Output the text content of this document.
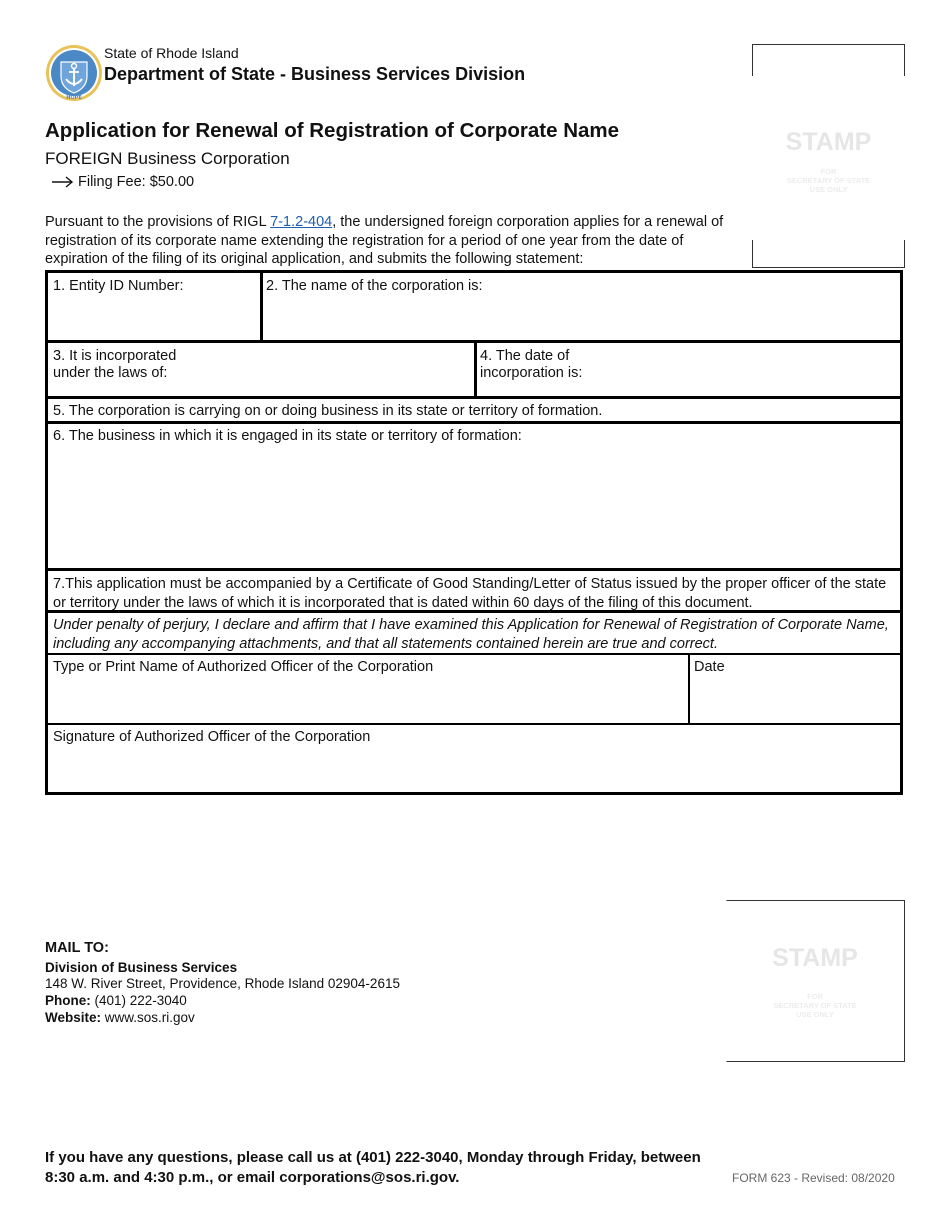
HOPE
State of Rhode Island
Department of State - Business Services Division
Application for Renewal of Registration of Corporate Name
FOREIGN Business Corporation
Filing Fee: $50.00
Pursuant to the provisions of RIGL 7-1.2-404, the undersigned foreign corporation applies for a renewal of registration of its corporate name extending the registration for a period of one year from the date of expiration of the filing of its original application, and submits the following statement:
STAMP
FOR
SECRETARY OF STATE
USE ONLY
1. Entity ID Number:	2. The name of the corporation is:
3. It is incorporated
under the laws of:
4. The date of
incorporation is:
5. The corporation is carrying on or doing business in its state or territory of formation.
6. The business in which it is engaged in its state or territory of formation:
7.This application must be accompanied by a Certificate of Good Standing/Letter of Status issued by the proper officer of the state or territory under the laws of which it is incorporated that is dated within 60 days of the filing of this document.
Under penalty of perjury, I declare and affirm that I have examined this Application for Renewal of Registration of Corporate Name, including any accompanying attachments, and that all statements contained herein are true and correct.
Type or Print Name of Authorized Officer of the Corporation	Date
Signature of Authorized Officer of the Corporation
MAIL TO:
Division of Business Services
148 W. River Street, Providence, Rhode Island 02904-2615
Phone: (401) 222-3040
Website: www.sos.ri.gov
STAMP
FOR
SECRETARY OF STATE
USE ONLY
If you have any questions, please call us at (401) 222-3040, Monday through Friday, between 8:30 a.m. and 4:30 p.m., or email corporations@sos.ri.gov.	FORM 623 - Revised: 08/2020
